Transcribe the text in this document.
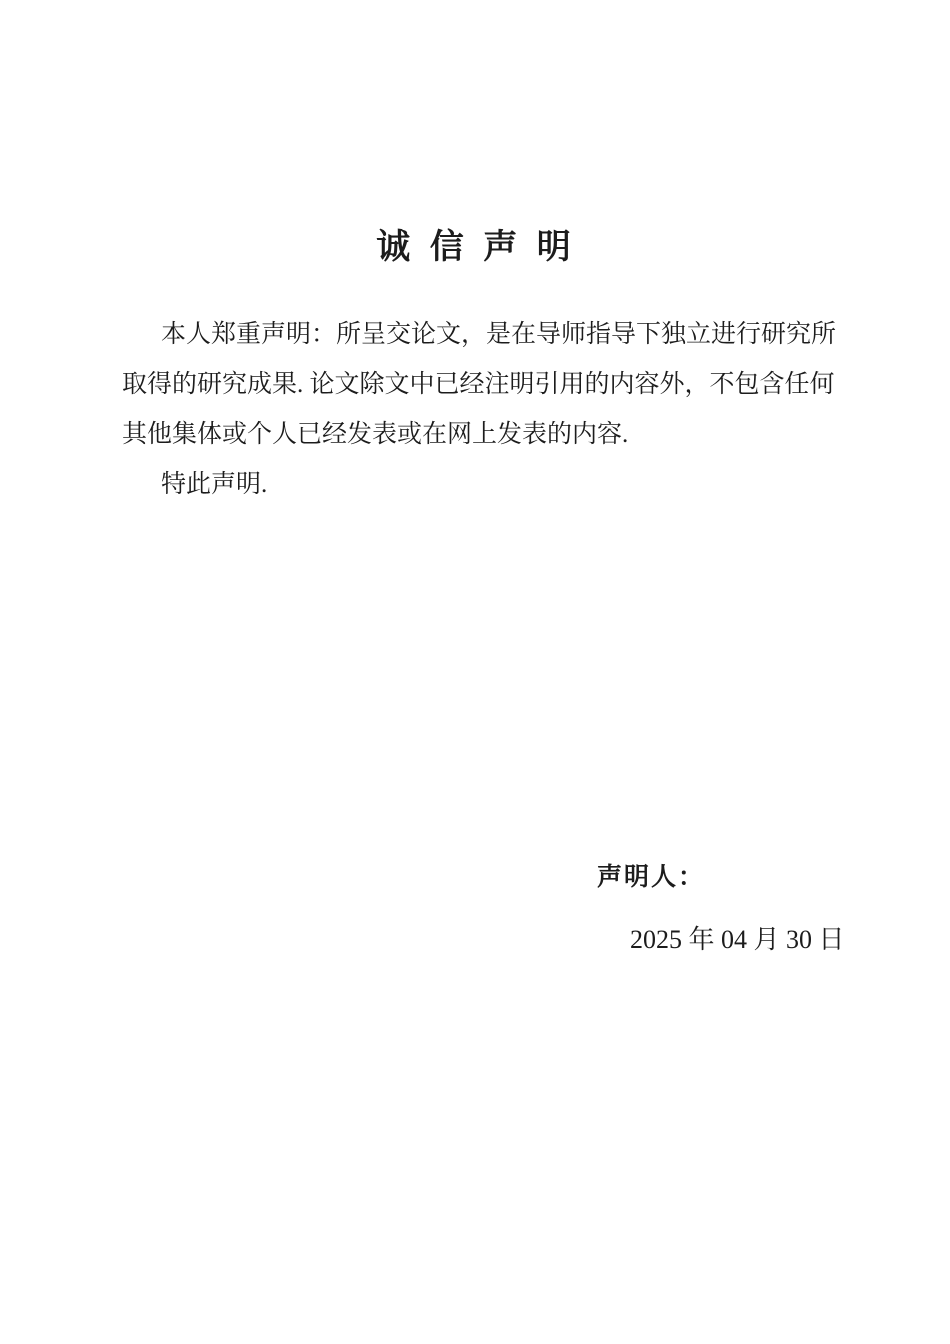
诚 信 声 明
本人郑重声明：所呈交论文，是在导师指导下独立进行研究所
取得的研究成果. 论文除文中已经注明引用的内容外，不包含任何
其他集体或个人已经发表或在网上发表的内容.
特此声明.
声明人：
2025 年 04 月 30 日
